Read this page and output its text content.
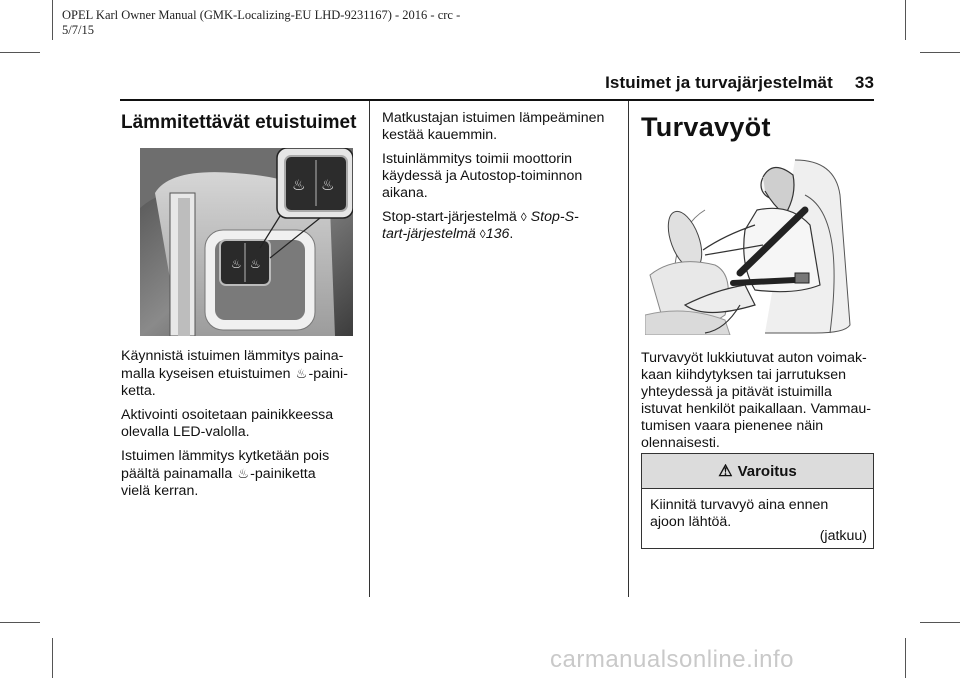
OPEL Karl Owner Manual (GMK-Localizing-EU LHD-9231167) - 2016 - crc -
5/7/15
Istuimet ja turvajärjestelmät 33
Lämmitettävät etuistuimet
♨ ♨
♨ ♨

Käynnistä istuimen lämmitys paina-
malla kyseisen etuistuimen ♨-paini-
ketta.

Aktivointi osoitetaan painikkeessa
olevalla LED-valolla.

Istuimen lämmitys kytketään pois
päältä painamalla ♨-painiketta
vielä kerran.

Matkustajan istuimen lämpeäminen
kestää kauemmin.

Istuinlämmitys toimii moottorin
käydessä ja Autostop-toiminnon
aikana.

Stop-start-järjestelmä ◊ Stop-S-
tart-järjestelmä ◊136.

Turvavyöt

Turvavyöt lukkiutuvat auton voimak-
kaan kiihdytyksen tai jarrutuksen
yhteydessä ja pitävät istuimilla
istuvat henkilöt paikallaan. Vammau-
tumisen vaara pienenee näin
olennaisesti.

⚠ Varoitus
Kiinnitä turvavyö aina ennen
ajoon lähtöä.
(jatkuu)
carmanualsonline.info
